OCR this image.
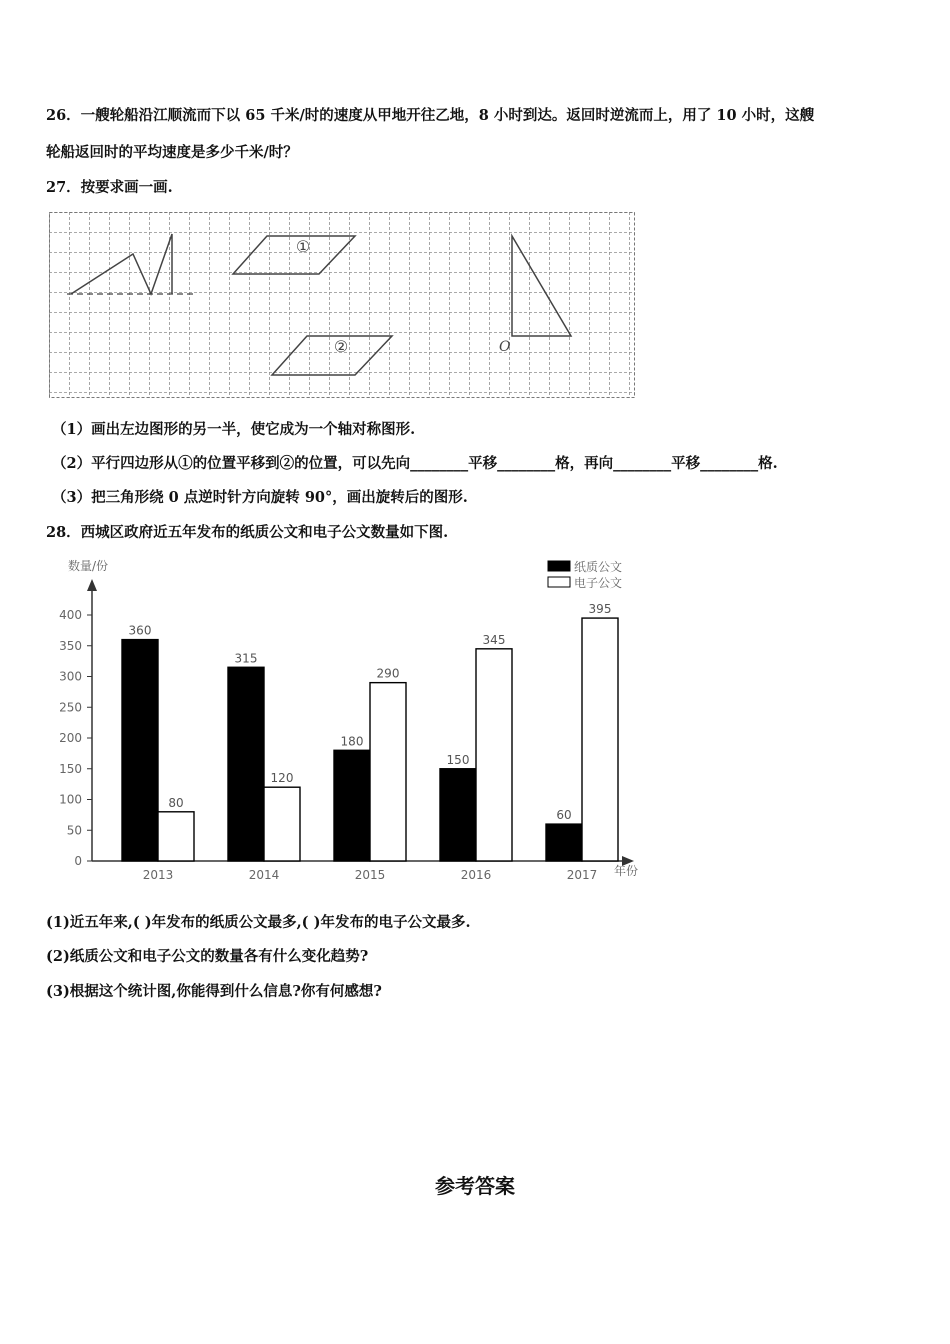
26．一艘轮船沿江顺流而下以 65 千米/时的速度从甲地开往乙地，8 小时到达。返回时逆流而上，用了 10 小时，这艘
轮船返回时的平均速度是多少千米/时？
27．按要求画一画.
①
②	O
（1）画出左边图形的另一半，使它成为一个轴对称图形.
（2）平行四边形从①的位置平移到②的位置，可以先向________平移________格，再向________平移________格.
（3）把三角形绕 0 点逆时针方向旋转 90°，画出旋转后的图形.
28．西城区政府近五年发布的纸质公文和电子公文数量如下图.
数量/份
年份
纸质公文
电子公文
0
50
100
150
200
250
300
350
400
360
80
2013
315
120
2014
180
290
2015
150
345
2016
60
395
2017
(1)近五年来,( )年发布的纸质公文最多,( )年发布的电子公文最多.
(2)纸质公文和电子公文的数量各有什么变化趋势?
(3)根据这个统计图,你能得到什么信息?你有何感想?
参考答案
